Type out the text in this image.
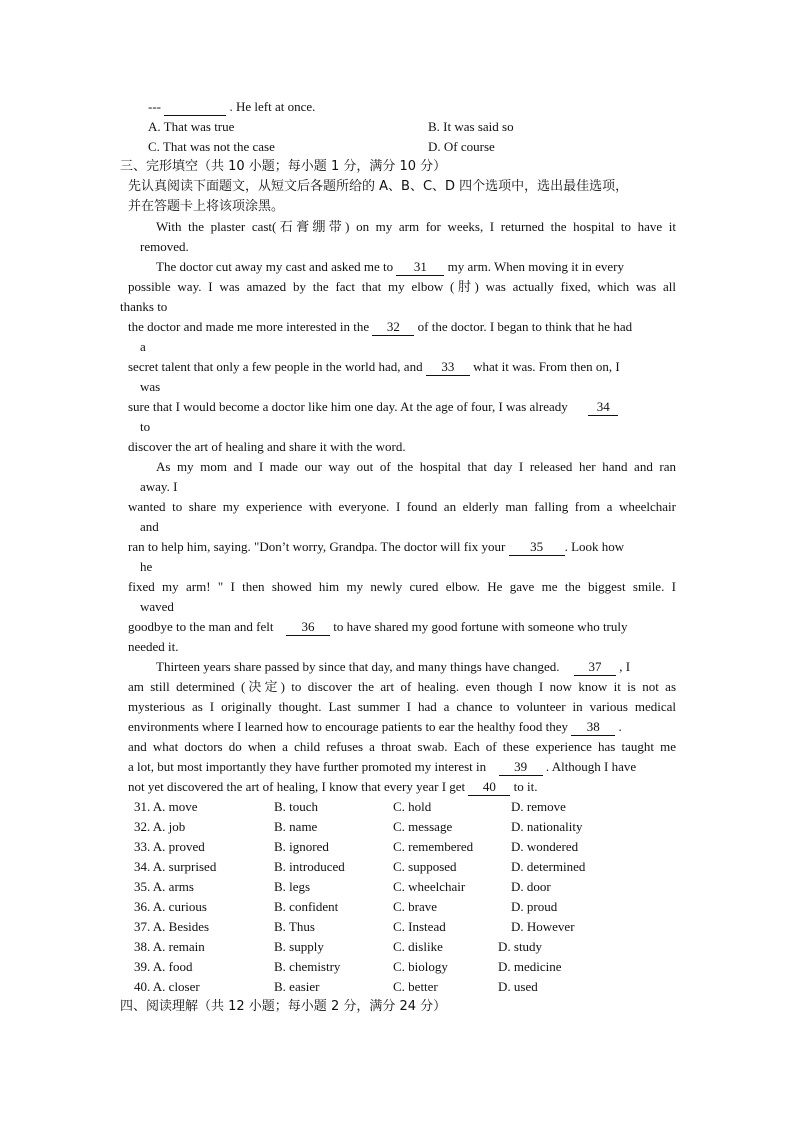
---	. He left at once.
A. That was true	B. It was said so
C. That was not the case	D. Of course
三、完形填空（共 10 小题；每小题 1 分，满分 10 分）
先认真阅读下面题文，从短文后各题所给的 A、B、C、D 四个选项中，选出最佳选项，
并在答题卡上将该项涂黑。
With the plaster cast(石膏绷带) on my arm for weeks, I returned the hospital to have it
removed.
The doctor cut away my cast and asked me to 31 my arm. When moving it in every
possible way. I was amazed by the fact that my elbow (肘) was actually fixed, which was all
thanks to
the doctor and made me more interested in the 32 of the doctor. I began to think that he had
a
secret talent that only a few people in the world had, and 33 what it was. From then on, I
was
sure that I would become a doctor like him one day. At the age of four, I was already 34
to
discover the art of healing and share it with the word.
As my mom and I made our way out of the hospital that day I released her hand and ran
away. I
wanted to share my experience with everyone. I found an elderly man falling from a wheelchair
and
ran to help him, saying. "Don’t worry, Grandpa. The doctor will fix your 35 . Look how
he
fixed my arm! " I then showed him my newly cured elbow. He gave me the biggest smile. I
waved
goodbye to the man and felt 36 to have shared my good fortune with someone who truly
needed it.
Thirteen years share passed by since that day, and many things have changed. 37 , I
am still determined (决定) to discover the art of healing. even though I now know it is not as
mysterious as I originally thought. Last summer I had a chance to volunteer in various medical
environments where I learned how to encourage patients to ear the healthy food they 38 .
and what doctors do when a child refuses a throat swab. Each of these experience has taught me
a lot, but most importantly they have further promoted my interest in 39 . Although I have
not yet discovered the art of healing, I know that every year I get 40 to it.
31. A. move	B. touch	C. hold	D. remove
32. A. job	B. name	C. message	D. nationality
33. A. proved	B. ignored	C. remembered	D. wondered
34. A. surprised	B. introduced	C. supposed	D. determined
35. A. arms	B. legs	C. wheelchair	D. door
36. A. curious	B. confident	C. brave	D. proud
37. A. Besides	B. Thus	C. Instead	D. However
38. A. remain	B. supply	C. dislike	D. study
39. A. food	B. chemistry	C. biology	D. medicine
40. A. closer	B. easier	C. better	D. used
四、阅读理解（共 12 小题；每小题 2 分，满分 24 分）
